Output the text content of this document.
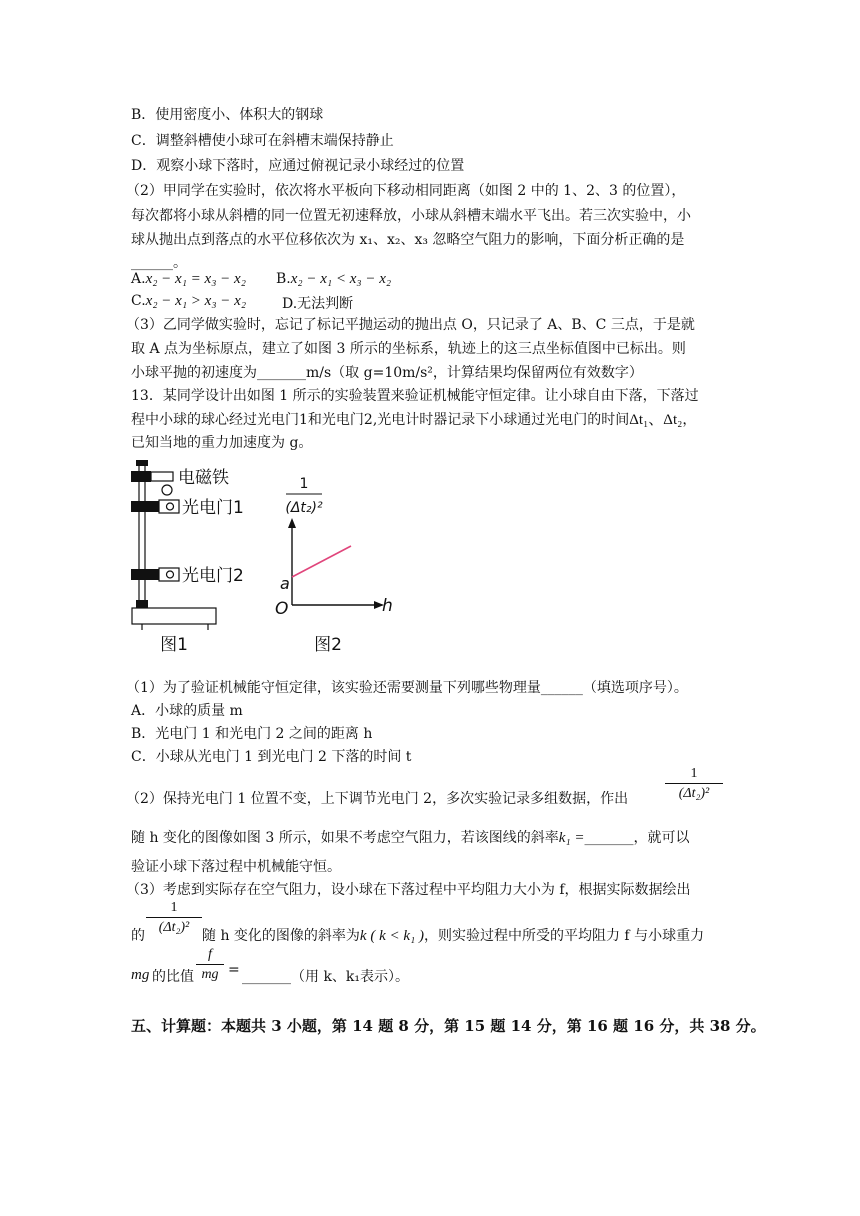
B．使用密度小、体积大的钢球
C．调整斜槽使小球可在斜槽末端保持静止
D．观察小球下落时，应通过俯视记录小球经过的位置
（2）甲同学在实验时，依次将水平板向下移动相同距离（如图 2 中的 1、2、3 的位置），
每次都将小球从斜槽的同一位置无初速释放，小球从斜槽末端水平飞出。若三次实验中，小
球从抛出点到落点的水平位移依次为 x₁、x₂、x₃ 忽略空气阻力的影响，下面分析正确的是
______。
A.x₂ − x₁ = x₃ − x₂ B.x₂ − x₁ < x₃ − x₂
C.x₂ − x₁ > x₃ − x₂	D.无法判断
（3）乙同学做实验时，忘记了标记平抛运动的抛出点 O，只记录了 A、B、C 三点，于是就
取 A 点为坐标原点，建立了如图 3 所示的坐标系，轨迹上的这三点坐标值图中已标出。则
小球平抛的初速度为_______m/s（取 g=10m/s²，计算结果均保留两位有效数字）
13．某同学设计出如图 1 所示的实验装置来验证机械能守恒定律。让小球自由下落，下落过
程中小球的球心经过光电门1和光电门2,光电计时器记录下小球通过光电门的时间Δt₁、Δt₂，
已知当地的重力加速度为 g。
电磁铁
光电门1
光电门2
图1
1
(Δt₂)²
a
O	h
图2
（1）为了验证机械能守恒定律，该实验还需要测量下列哪些物理量______（填选项序号）。
A．小球的质量 m
B．光电门 1 和光电门 2 之间的距离 h
C．小球从光电门 1 到光电门 2 下落的时间 t
（2）保持光电门 1 位置不变，上下调节光电门 2，多次实验记录多组数据，作出	$\frac{1}{\text{(Δt₂)²}}$
随 h 变化的图像如图 3 所示，如果不考虑空气阻力，若该图线的斜率k₁ =_______，就可以
验证小球下落过程中机械能守恒。
（3）考虑到实际存在空气阻力，设小球在下落过程中平均阻力大小为 f，根据实际数据绘出
$\frac{1}{\text{(Δt₂)²}}$
的	随 h 变化的图像的斜率为k ( k < k₁ )，则实验过程中所受的平均阻力 f 与小球重力
mg 的比值 $\frac{f}{mg}$ = _______（用 k、k₁表示）。
五、计算题：本题共 3 小题，第 14 题 8 分，第 15 题 14 分，第 16 题 16 分，共 38 分。
